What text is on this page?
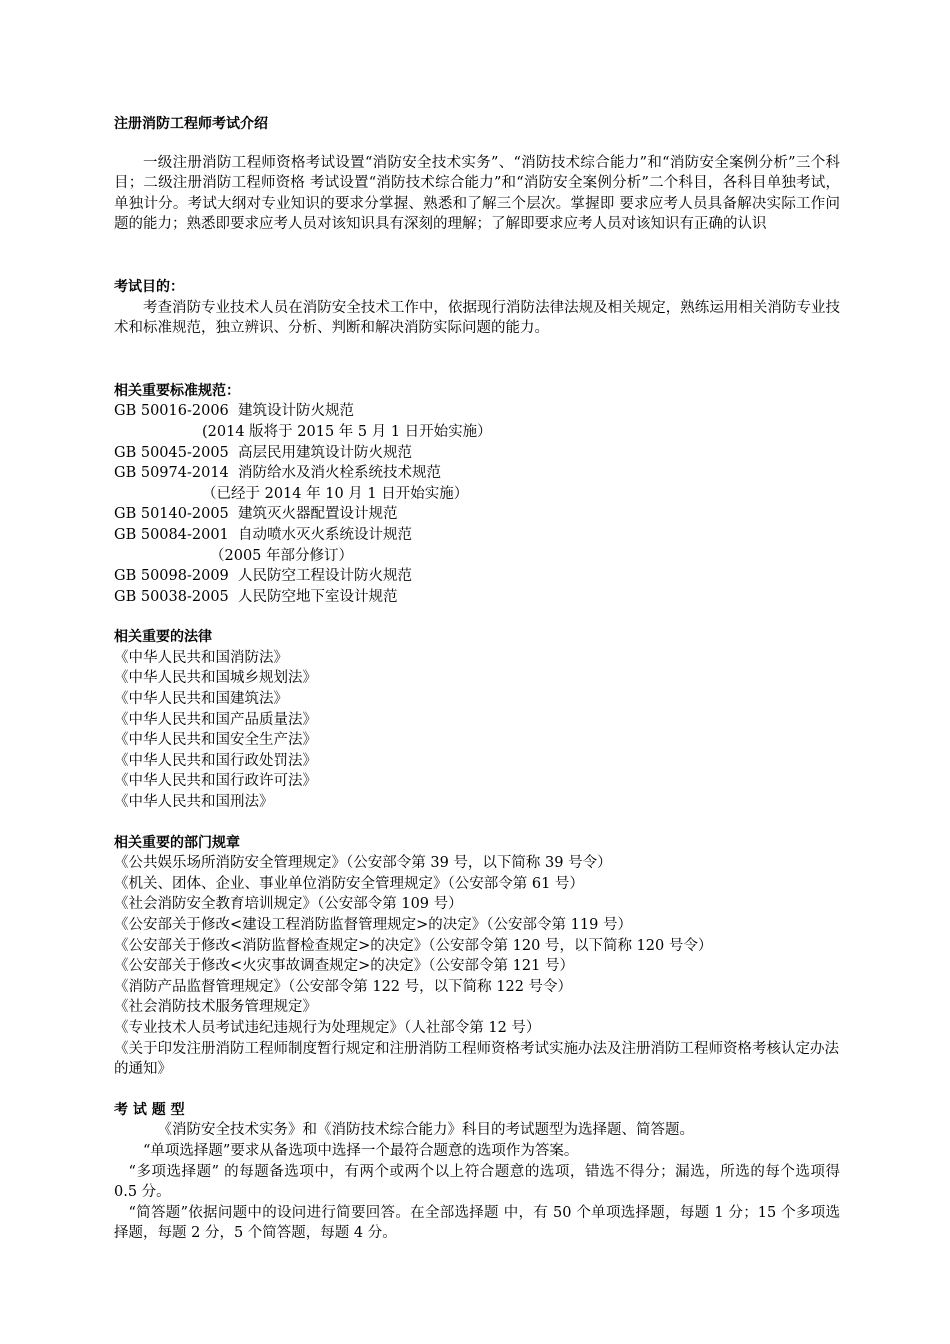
注册消防工程师考试介绍

一级注册消防工程师资格考试设置“消防安全技术实务”、“消防技术综合能力”和“消防安全案例分析”三个科目；二级注册消防工程师资格 考试设置“消防技术综合能力”和“消防安全案例分析”二个科目，各科目单独考试，单独计分。考试大纲对专业知识的要求分掌握、熟悉和了解三个层次。掌握即 要求应考人员具备解决实际工作问题的能力；熟悉即要求应考人员对该知识具有深刻的理解；了解即要求应考人员对该知识有正确的认识

考试目的：

考查消防专业技术人员在消防安全技术工作中，依据现行消防法律法规及相关规定，熟练运用相关消防专业技术和标准规范，独立辨识、分析、判断和解决消防实际问题的能力。

相关重要标准规范：
GB 50016-2006 建筑设计防火规范
(2014 版将于 2015 年 5 月 1 日开始实施）
GB 50045-2005 高层民用建筑设计防火规范
GB 50974-2014 消防给水及消火栓系统技术规范
（已经于 2014 年 10 月 1 日开始实施）
GB 50140-2005 建筑灭火器配置设计规范
GB 50084-2001 自动喷水灭火系统设计规范
（2005 年部分修订）
GB 50098-2009 人民防空工程设计防火规范
GB 50038-2005 人民防空地下室设计规范
相关重要的法律
《中华人民共和国消防法》
《中华人民共和国城乡规划法》
《中华人民共和国建筑法》
《中华人民共和国产品质量法》
《中华人民共和国安全生产法》
《中华人民共和国行政处罚法》
《中华人民共和国行政许可法》
《中华人民共和国刑法》
相关重要的部门规章
《公共娱乐场所消防安全管理规定》（公安部令第 39 号，以下简称 39 号令）
《机关、团体、企业、事业单位消防安全管理规定》（公安部令第 61 号）
《社会消防安全教育培训规定》（公安部令第 109 号）
《公安部关于修改<建设工程消防监督管理规定>的决定》（公安部令第 119 号）
《公安部关于修改<消防监督检查规定>的决定》（公安部令第 120 号，以下简称 120 号令）
《公安部关于修改<火灾事故调查规定>的决定》（公安部令第 121 号）
《消防产品监督管理规定》（公安部令第 122 号，以下简称 122 号令）
《社会消防技术服务管理规定》
《专业技术人员考试违纪违规行为处理规定》（人社部令第 12 号）
《关于印发注册消防工程师制度暂行规定和注册消防工程师资格考试实施办法及注册消防工程师资格考核认定办法的通知》
考 试 题 型

《消防安全技术实务》和《消防技术综合能力》科目的考试题型为选择题、简答题。

“单项选择题”要求从备选项中选择一个最符合题意的选项作为答案。

“多项选择题” 的每题备选项中，有两个或两个以上符合题意的选项，错选不得分；漏选，所选的每个选项得 0.5 分。

“简答题”依据问题中的设问进行简要回答。在全部选择题 中，有 50 个单项选择题，每题 1 分；15 个多项选择题，每题 2 分，5 个简答题，每题 4 分。
